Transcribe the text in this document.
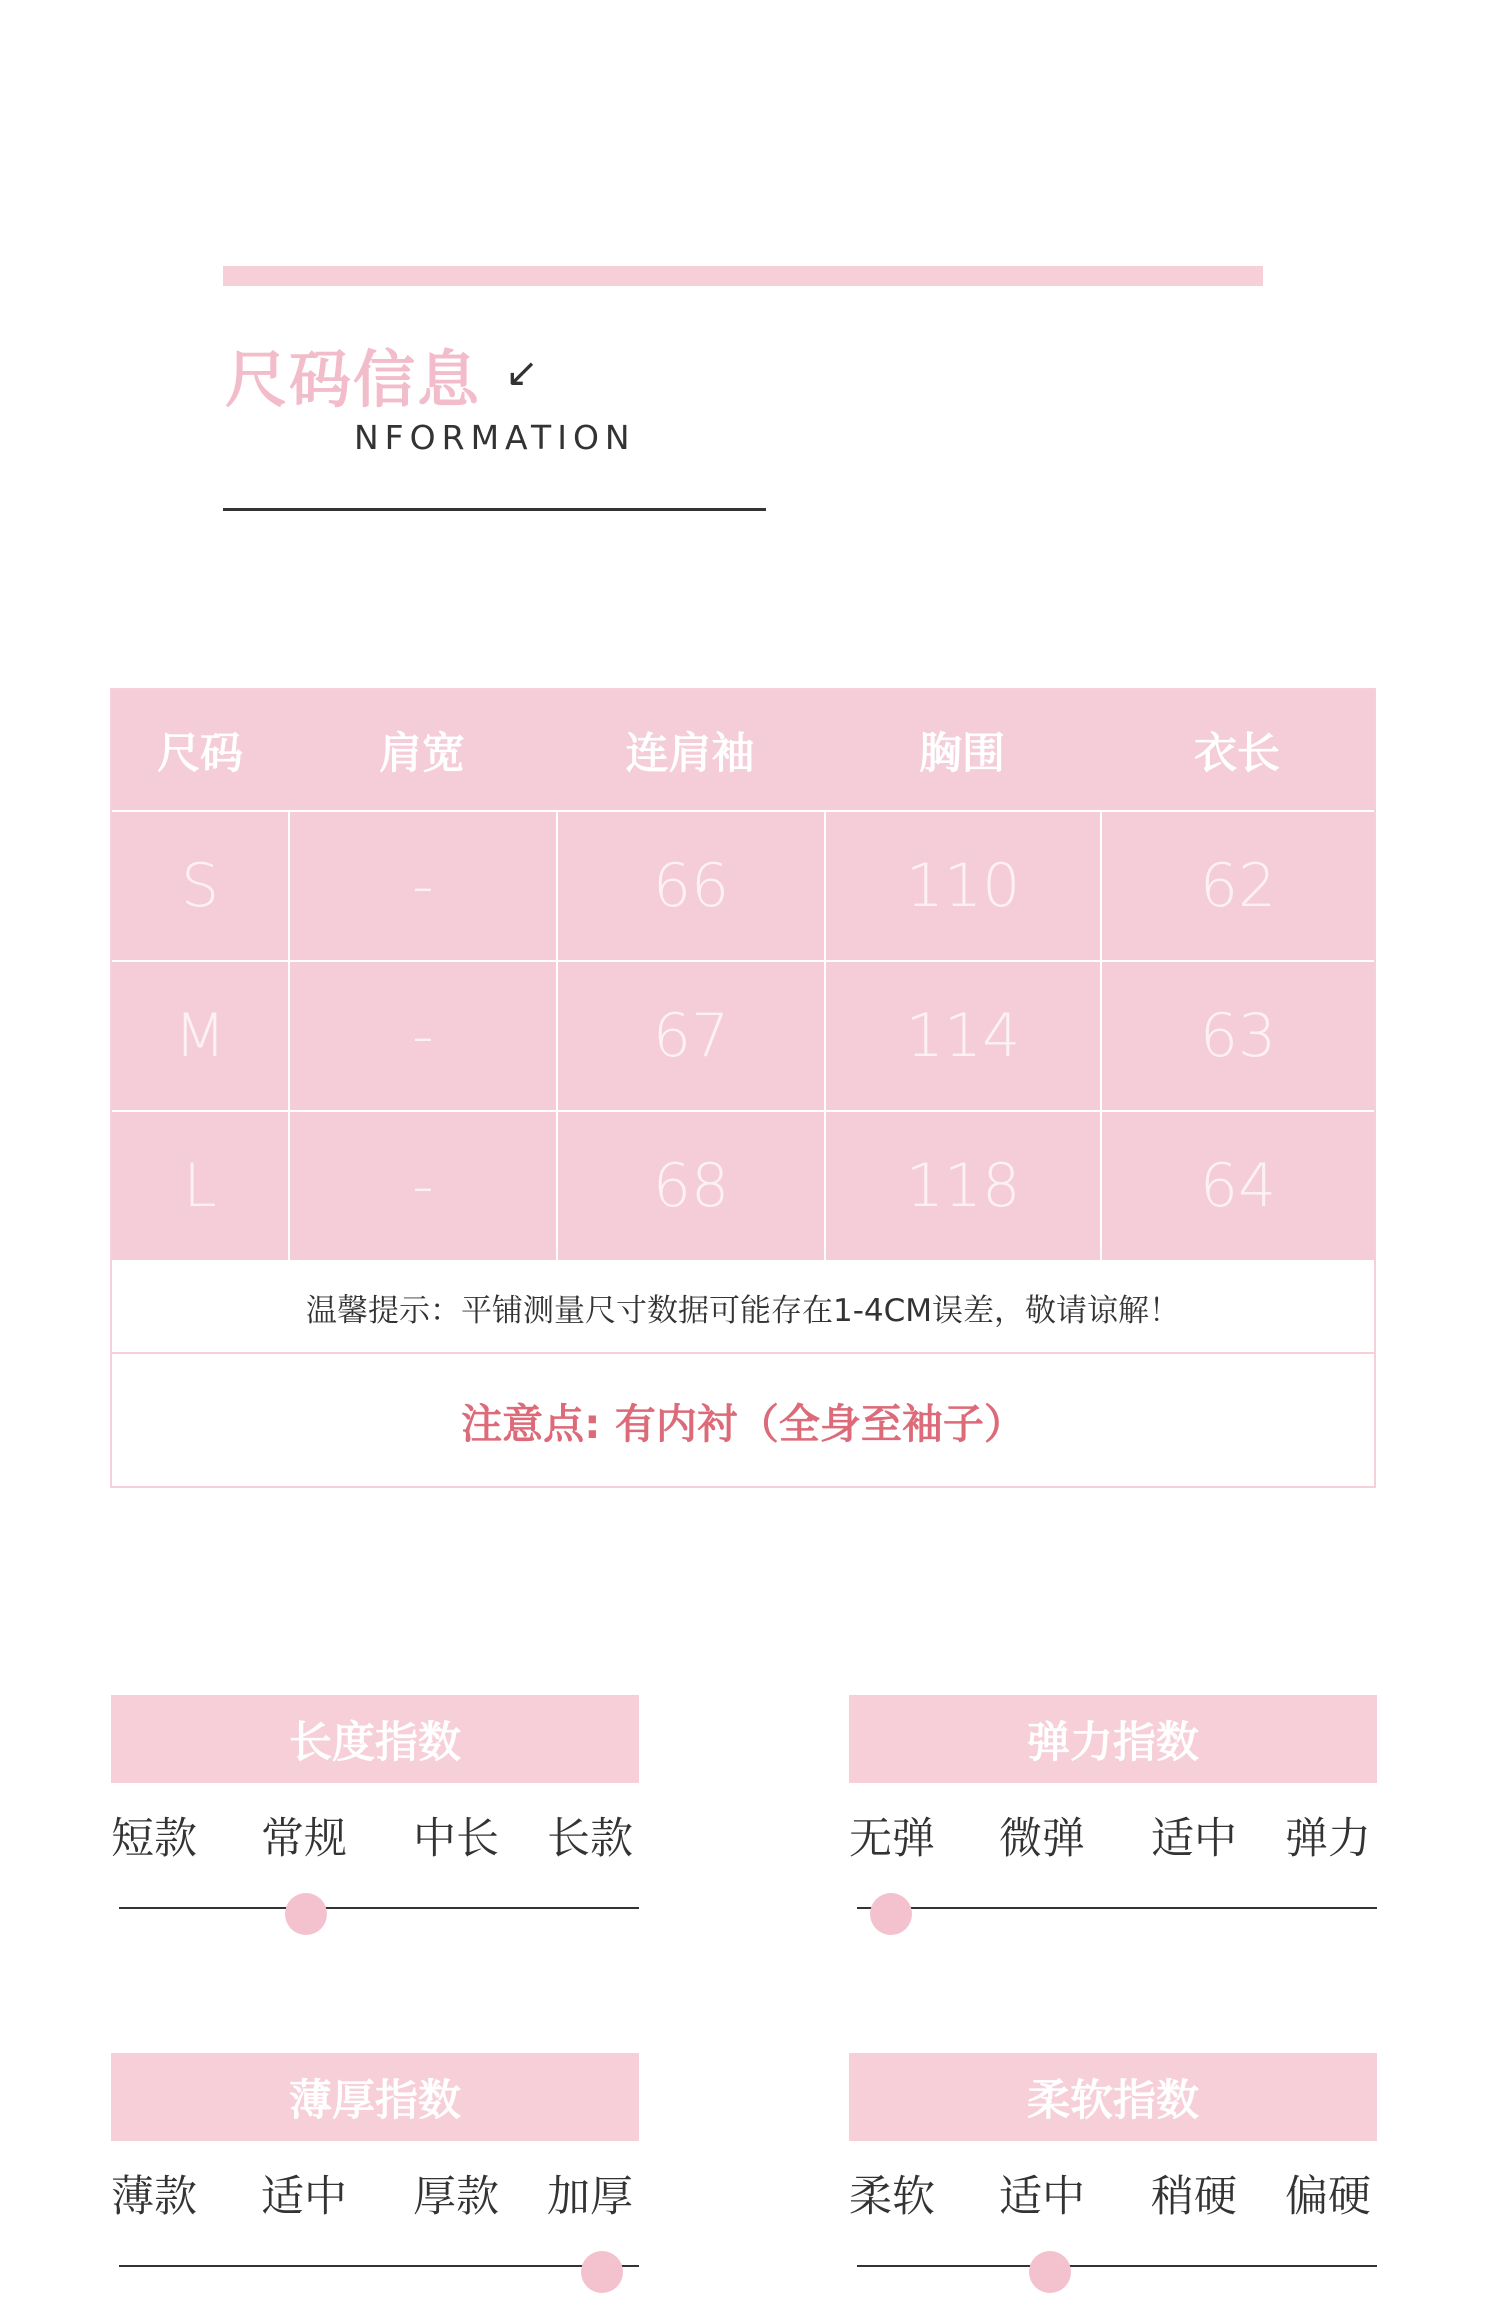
尺码信息 ↙
NFORMATION
尺码	肩宽	连肩袖	胸围	衣长
S	-	66	110	62
M	-	67	114	63
L	-	68	118	64
温馨提示：平铺测量尺寸数据可能存在1-4CM误差，敬请谅解！
注意点: 有内衬（全身至袖子）
长度指数
短款 常规 中长 长款
弹力指数
无弹 微弹 适中 弹力
薄厚指数
薄款 适中 厚款 加厚
柔软指数
柔软 适中 稍硬 偏硬
